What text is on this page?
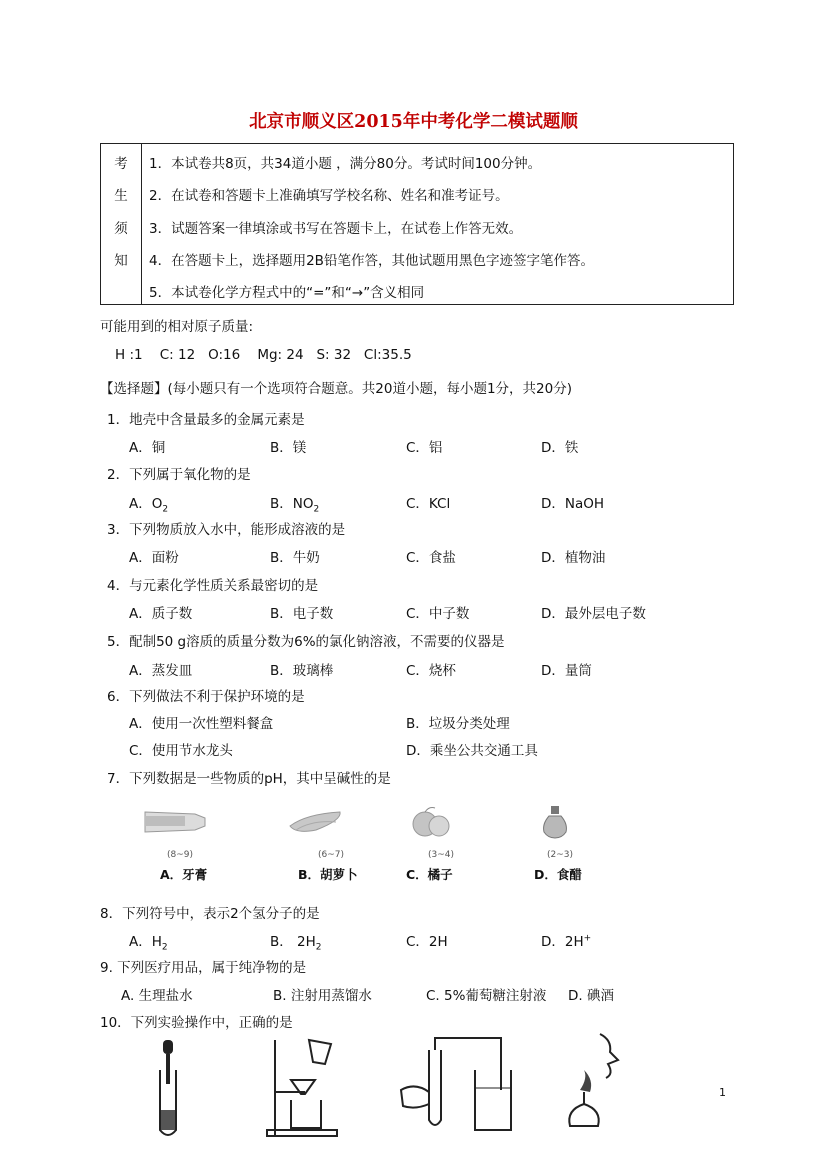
北京市顺义区2015年中考化学二模试题顺
考
生
须
知
1．本试卷共8页，共34道小题 ，满分80分。考试时间100分钟。
2．在试卷和答题卡上准确填写学校名称、姓名和准考证号。
3．试题答案一律填涂或书写在答题卡上，在试卷上作答无效。
4．在答题卡上，选择题用2B铅笔作答，其他试题用黑色字迹签字笔作答。
5．本试卷化学方程式中的“=”和“→”含义相同
可能用到的相对原子质量:
H :1    C: 12   O:16    Mg: 24   S: 32   Cl:35.5
【选择题】(每小题只有一个选项符合题意。共20道小题，每小题1分，共20分)
1．地壳中含量最多的金属元素是
A．铜	B．镁	C．铝	D．铁
2．下列属于氧化物的是
A．$O_2$	B．$NO_2$	C．KCl	D．NaOH
3．下列物质放入水中，能形成溶液的是
A．面粉	B．牛奶	C．食盐	D．植物油
4．与元素化学性质关系最密切的是
A．质子数	B．电子数	C．中子数	D．最外层电子数
5．配制50 g溶质的质量分数为6%的氯化钠溶液，不需要的仪器是
A．蒸发皿	B．玻璃棒	C．烧杯	D．量筒
6．下列做法不利于保护环境的是
A．使用一次性塑料餐盒	B．垃圾分类处理
C．使用节水龙头	D．乘坐公共交通工具
7．下列数据是一些物质的pH，其中呈碱性的是
(8~9)	(6~7)	(3~4)	(2~3)
A．牙膏	B．胡萝卜	C．橘子	D．食醋
8．下列符号中，表示2个氢分子的是
A．$H_2$	B． $2H_2$	C．2H	D．2H+
9. 下列医疗用品，属于纯净物的是
A. 生理盐水	B. 注射用蒸馏水	C. 5%葡萄糖注射液 D. 碘酒
10．下列实验操作中，正确的是
1
